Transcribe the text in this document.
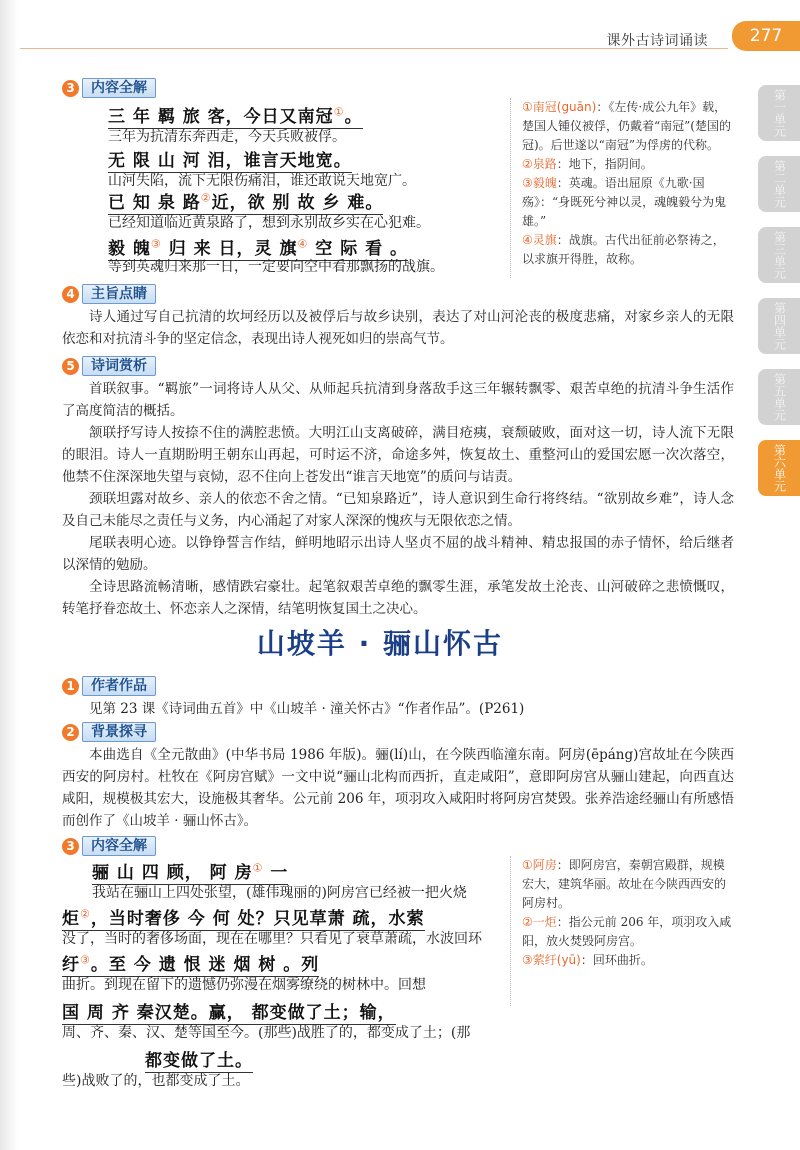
课外古诗词诵读	277
第一单元
第二单元
第三单元
第四单元
第五单元
第六单元
3	内容全解
三 年 羁 旅 客，今日又南冠①。
三年为抗清东奔西走，今天兵败被俘。
无 限 山 河 泪，谁言天地宽。
山河失陷，流下无限伤痛泪，谁还敢说天地宽广。
已 知 泉 路②近，欲 别 故 乡 难。
已经知道临近黄泉路了，想到永别故乡实在心犯难。
毅 魄③ 归 来 日，灵 旗④ 空 际 看 。
等到英魂归来那一日，一定要向空中看那飘扬的战旗。
①南冠(guān)：《左传·成公九年》载，楚国人锺仪被俘，仍戴着“南冠”(楚国的冠)。后世遂以“南冠”为俘虏的代称。
②泉路：地下，指阴间。
③毅魄：英魂。语出屈原《九歌·国殇》：“身既死兮神以灵，魂魄毅兮为鬼雄。”
④灵旗：战旗。古代出征前必祭祷之，以求旗开得胜，故称。
4	主旨点睛

诗人通过写自己抗清的坎坷经历以及被俘后与故乡诀别，表达了对山河沦丧的极度悲痛，对家乡亲人的无限依恋和对抗清斗争的坚定信念，表现出诗人视死如归的崇高气节。

5	诗词赏析

首联叙事。“羁旅”一词将诗人从父、从师起兵抗清到身落敌手这三年辗转飘零、艰苦卓绝的抗清斗争生活作了高度简洁的概括。

颔联抒写诗人按捺不住的满腔悲愤。大明江山支离破碎，满目疮痍，衰颓破败，面对这一切，诗人流下无限的眼泪。诗人一直期盼明王朝东山再起，可时运不济，命途多舛，恢复故土、重整河山的爱国宏愿一次次落空，他禁不住深深地失望与哀恸，忍不住向上苍发出“谁言天地宽”的质问与诘责。

颈联坦露对故乡、亲人的依恋不舍之情。“已知泉路近”，诗人意识到生命行将终结。“欲别故乡难”，诗人念及自己未能尽之责任与义务，内心涌起了对家人深深的愧疚与无限依恋之情。

尾联表明心迹。以铮铮誓言作结，鲜明地昭示出诗人坚贞不屈的战斗精神、精忠报国的赤子情怀，给后继者以深情的勉励。

全诗思路流畅清晰，感情跌宕豪壮。起笔叙艰苦卓绝的飘零生涯，承笔发故土沦丧、山河破碎之悲愤慨叹，转笔抒眷恋故土、怀恋亲人之深情，结笔明恢复国土之决心。

山坡羊 · 骊山怀古
1	作者作品

见第 23 课《诗词曲五首》中《山坡羊 · 潼关怀古》“作者作品”。(P261)

2	背景探寻

本曲选自《全元散曲》(中华书局 1986 年版)。骊(lí)山，在今陕西临潼东南。阿房(ēpáng)宫故址在今陕西西安的阿房村。杜牧在《阿房宫赋》一文中说“骊山北构而西折，直走咸阳”，意即阿房宫从骊山建起，向西直达咸阳，规模极其宏大，设施极其奢华。公元前 206 年，项羽攻入咸阳时将阿房宫焚毁。张养浩途经骊山有所感悟而创作了《山坡羊 · 骊山怀古》。

3	内容全解
骊 山 四 顾， 阿 房① 一
我站在骊山上四处张望，(雄伟瑰丽的)阿房宫已经被一把火烧
炬②，当时奢侈 今 何 处？只见草萧 疏，水萦
没了，当时的奢侈场面，现在在哪里？只看见了衰草萧疏，水波回环
纡③。至 今 遗 恨 迷 烟 树 。列
曲折。到现在留下的遗憾仍弥漫在烟雾缭绕的树林中。回想
国 周 齐 秦汉楚。赢， 都变做了土；输，
周、齐、秦、汉、楚等国至今。(那些)战胜了的，都变成了土；(那
都变做了土。
些)战败了的，也都变成了土。
①阿房：即阿房宫，秦朝宫殿群，规模宏大，建筑华丽。故址在今陕西西安的阿房村。
②一炬：指公元前 206 年，项羽攻入咸阳，放火焚毁阿房宫。
③萦纡(yū)：回环曲折。
